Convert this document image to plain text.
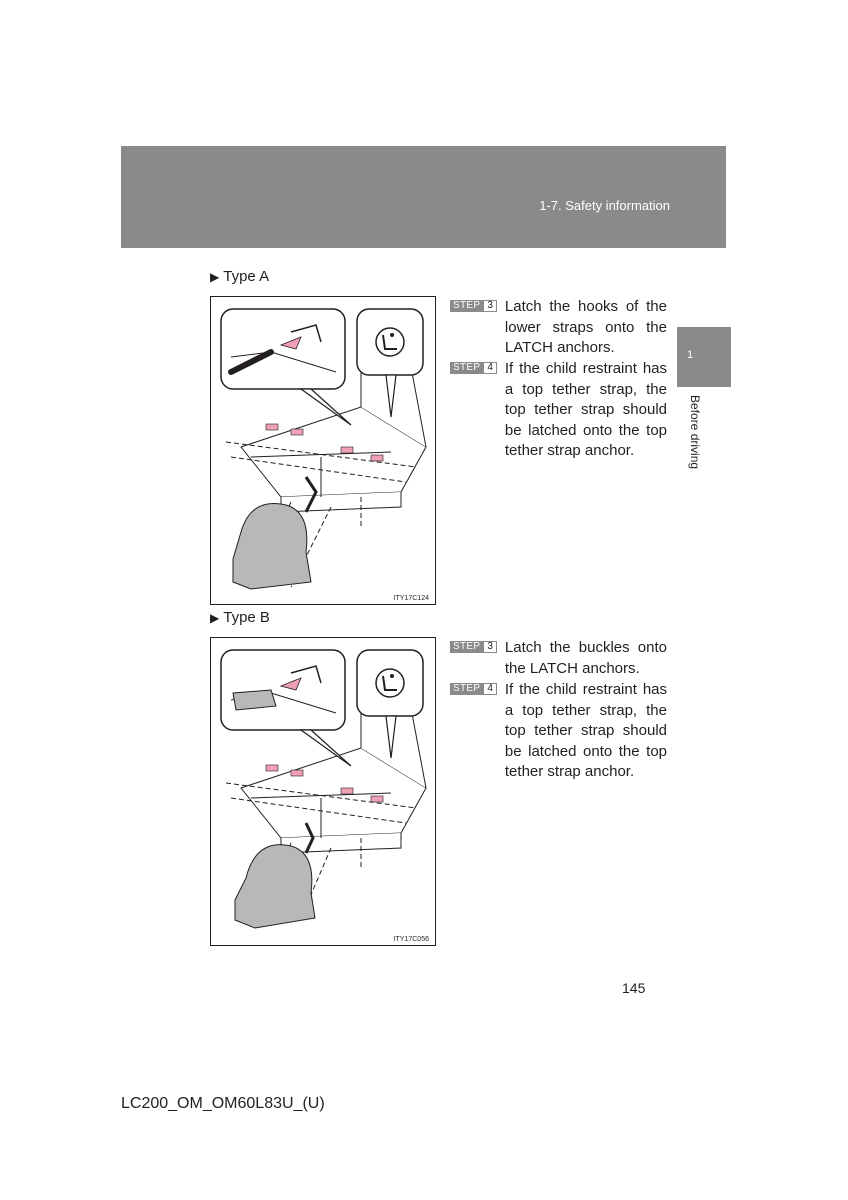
1-7. Safety information
1
Before driving
▶ Type A
ITY17C124
STEP 3 Latch the hooks of the lower straps onto the LATCH anchors.
STEP 4 If the child restraint has a top tether strap, the top tether strap should be latched onto the top tether strap anchor.
▶ Type B
ITY17C056
STEP 3 Latch the buckles onto the LATCH anchors.
STEP 4 If the child restraint has a top tether strap, the top tether strap should be latched onto the top tether strap anchor.
145
LC200_OM_OM60L83U_(U)
